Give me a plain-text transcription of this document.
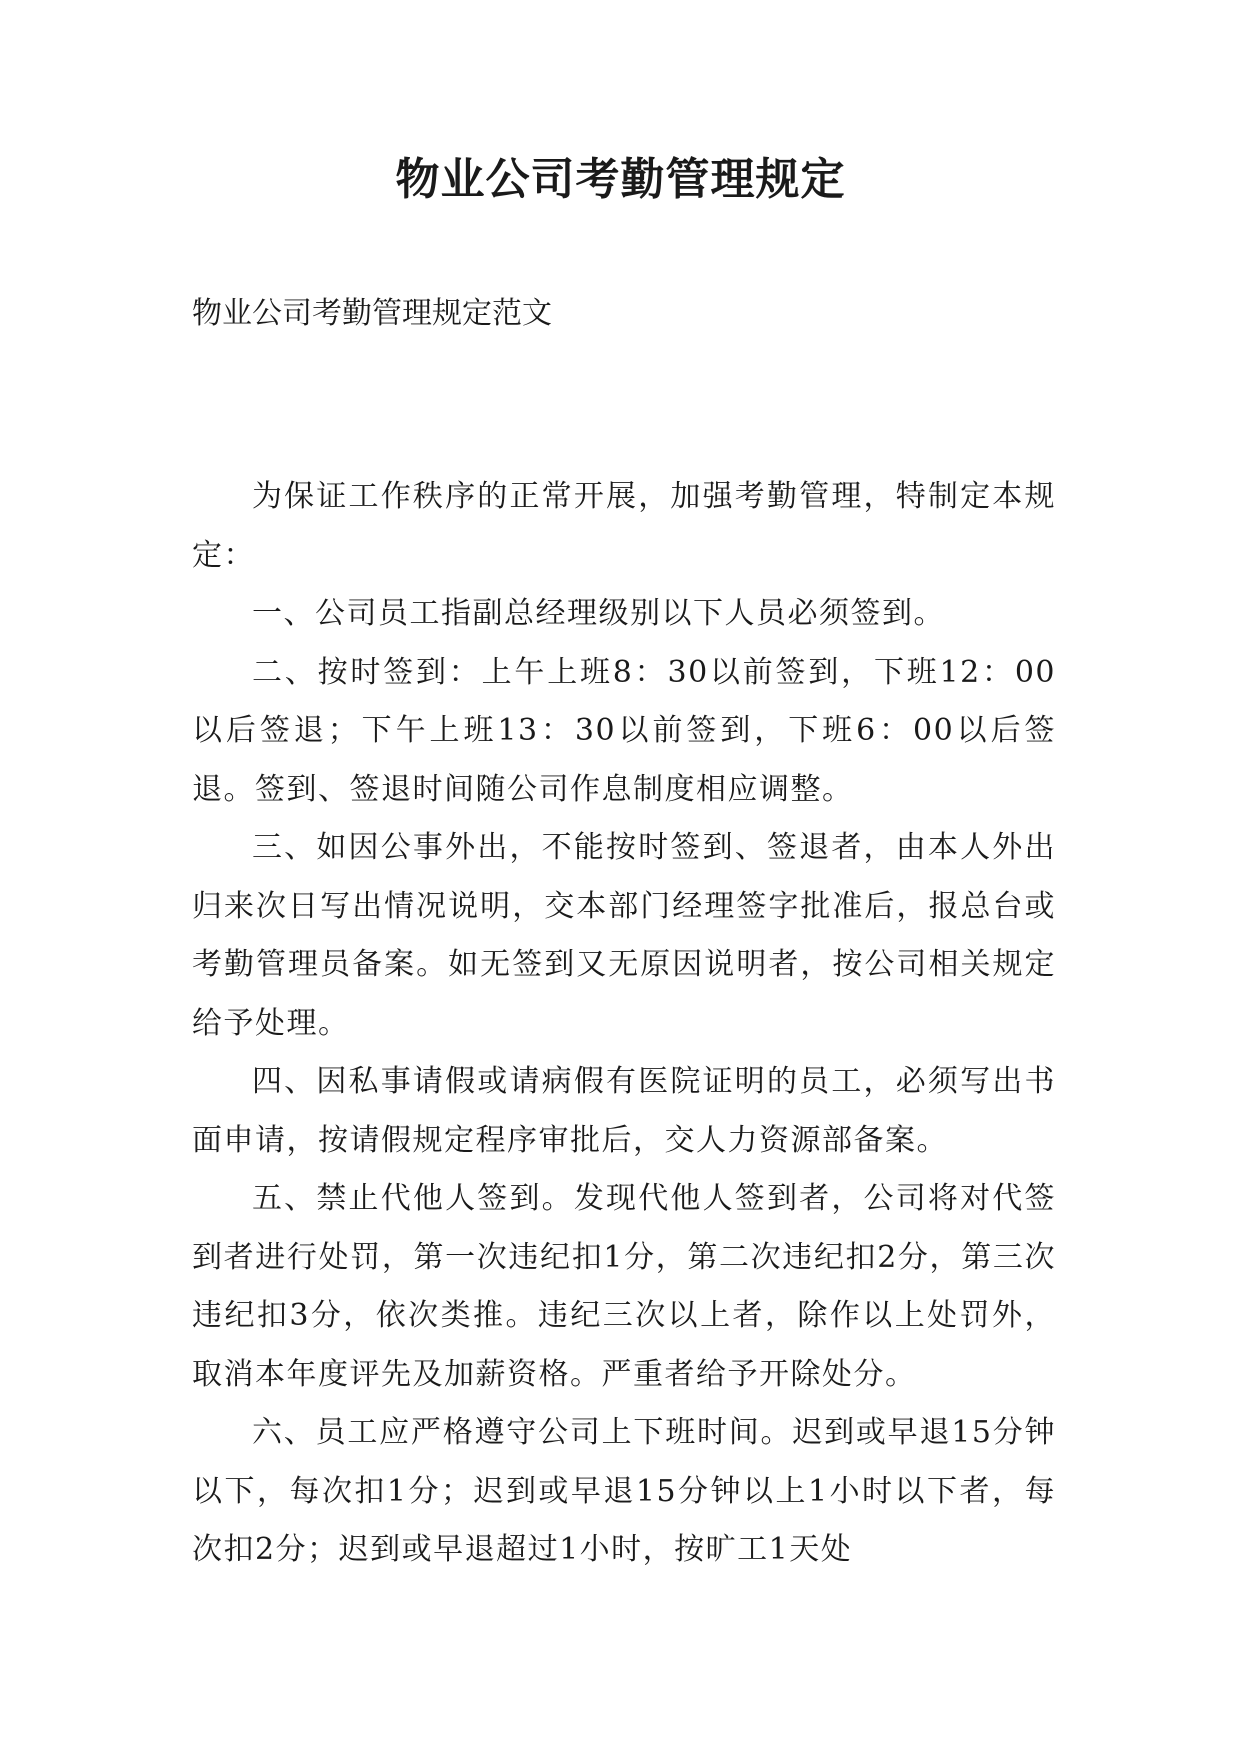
物业公司考勤管理规定

物业公司考勤管理规定范文

为保证工作秩序的正常开展，加强考勤管理，特制定本规定：

一、公司员工指副总经理级别以下人员必须签到。

二、按时签到：上午上班8：30以前签到，下班12：00以后签退；下午上班13：30以前签到，下班6：00以后签退。签到、签退时间随公司作息制度相应调整。

三、如因公事外出，不能按时签到、签退者，由本人外出归来次日写出情况说明，交本部门经理签字批准后，报总台或考勤管理员备案。如无签到又无原因说明者，按公司相关规定给予处理。

四、因私事请假或请病假有医院证明的员工，必须写出书面申请，按请假规定程序审批后，交人力资源部备案。

五、禁止代他人签到。发现代他人签到者，公司将对代签到者进行处罚，第一次违纪扣1分，第二次违纪扣2分，第三次违纪扣3分，依次类推。违纪三次以上者，除作以上处罚外，取消本年度评先及加薪资格。严重者给予开除处分。

六、员工应严格遵守公司上下班时间。迟到或早退15分钟以下，每次扣1分；迟到或早退15分钟以上1小时以下者，每次扣2分；迟到或早退超过1小时，按旷工1天处
